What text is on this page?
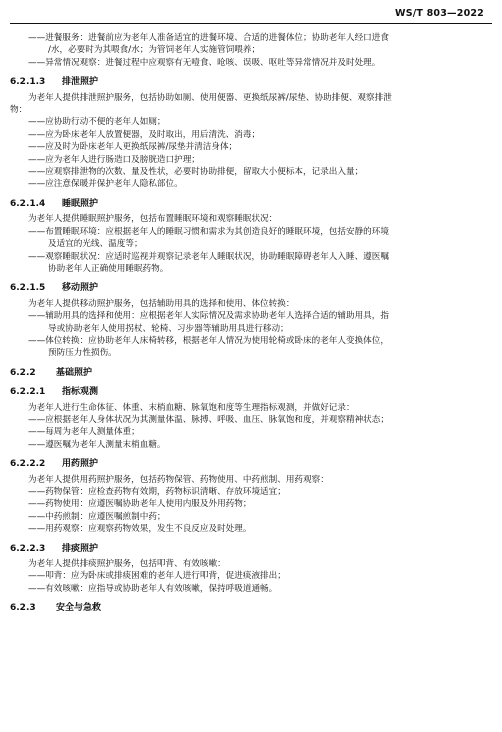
WS/T 803—2022
——进餐服务：进餐前应为老年人准备适宜的进餐环境、合适的进餐体位；协助老年人经口进食
/水，必要时为其喂食/水；为管饲老年人实施管饲喂养；
——异常情况观察：进餐过程中应观察有无噎食、呛咳、误吸、呕吐等异常情况并及时处理。
6.2.1.3 排泄照护
为老年人提供排泄照护服务，包括协助如厕、使用便器、更换纸尿裤/尿垫、协助排便、观察排泄
物：
——应协助行动不便的老年人如厕；
——应为卧床老年人放置便器，及时取出，用后清洗、消毒；
——应及时为卧床老年人更换纸尿裤/尿垫并清洁身体；
——应为老年人进行肠造口及膀胱造口护理；
——应观察排泄物的次数、量及性状，必要时协助排便，留取大小便标本，记录出入量；
——应注意保暖并保护老年人隐私部位。
6.2.1.4 睡眠照护
为老年人提供睡眠照护服务，包括布置睡眠环境和观察睡眠状况：
——布置睡眠环境：应根据老年人的睡眠习惯和需求为其创造良好的睡眠环境，包括安静的环境
及适宜的光线、温度等；
——观察睡眠状况：应适时巡视并观察记录老年人睡眠状况，协助睡眠障碍老年人入睡、遵医嘱
协助老年人正确使用睡眠药物。
6.2.1.5 移动照护
为老年人提供移动照护服务，包括辅助用具的选择和使用、体位转换：
——辅助用具的选择和使用：应根据老年人实际情况及需求协助老年人选择合适的辅助用具，指
导或协助老年人使用拐杖、轮椅、习步器等辅助用具进行移动；
——体位转换：应协助老年人床椅转移，根据老年人情况为使用轮椅或卧床的老年人变换体位，
预防压力性损伤。
6.2.2 基础照护
6.2.2.1 指标观测
为老年人进行生命体征、体重、末梢血糖、脉氧饱和度等生理指标观测，并做好记录：
——应根据老年人身体状况为其测量体温、脉搏、呼吸、血压、脉氧饱和度，并观察精神状态；
——每周为老年人测量体重；
——遵医嘱为老年人测量末梢血糖。
6.2.2.2 用药照护
为老年人提供用药照护服务，包括药物保管、药物使用、中药煎制、用药观察：
——药物保管：应检查药物有效期，药物标识清晰、存放环境适宜；
——药物使用：应遵医嘱协助老年人使用内服及外用药物；
——中药煎制：应遵医嘱煎制中药；
——用药观察：应观察药物效果，发生不良反应及时处理。
6.2.2.3 排痰照护
为老年人提供排痰照护服务，包括叩背、有效咳嗽：
——叩背：应为卧床或排痰困难的老年人进行叩背，促进痰液排出；
——有效咳嗽：应指导或协助老年人有效咳嗽，保持呼吸道通畅。
6.2.3 安全与急救
